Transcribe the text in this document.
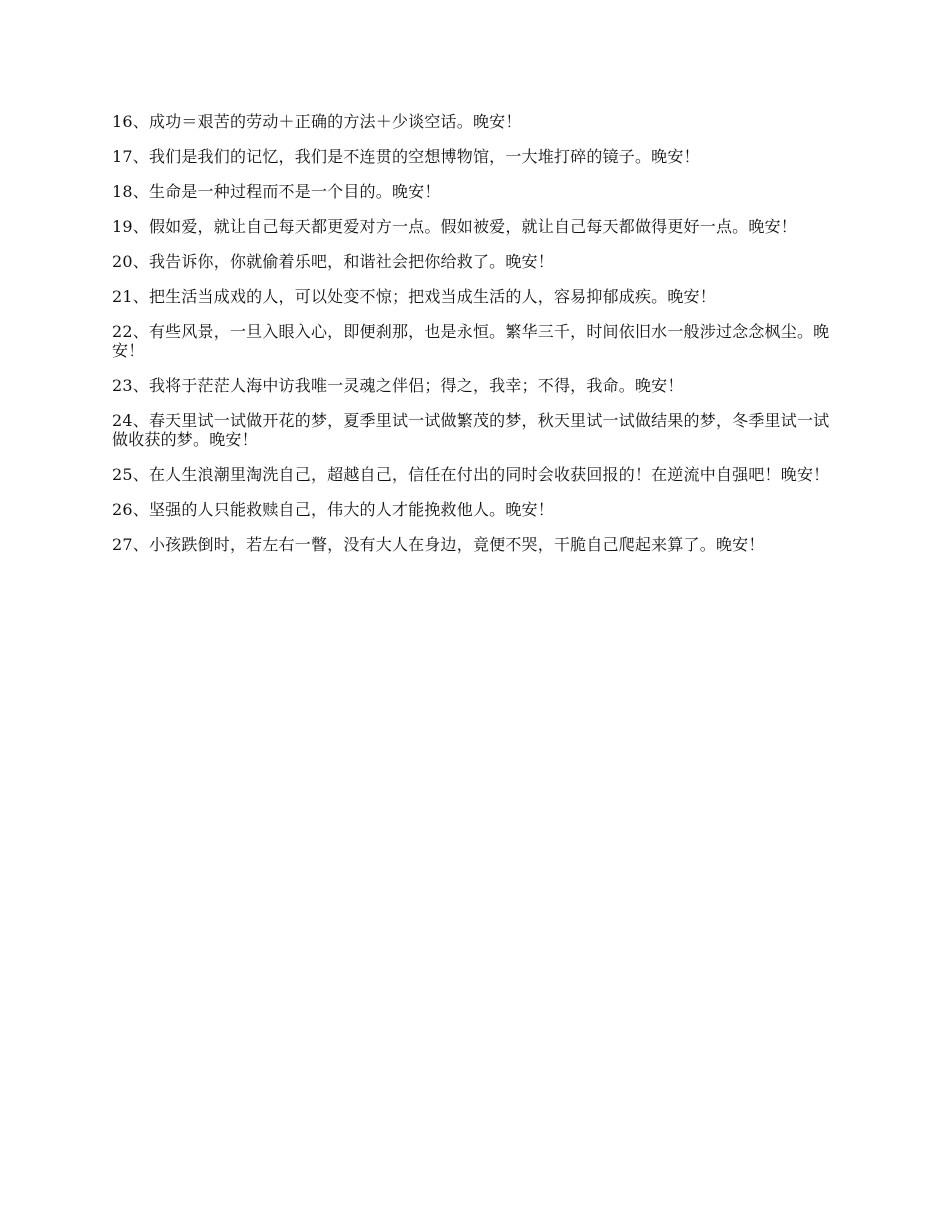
16、成功＝艰苦的劳动＋正确的方法＋少谈空话。晚安！

17、我们是我们的记忆，我们是不连贯的空想博物馆，一大堆打碎的镜子。晚安！

18、生命是一种过程而不是一个目的。晚安！

19、假如爱，就让自己每天都更爱对方一点。假如被爱，就让自己每天都做得更好一点。晚安！

20、我告诉你，你就偷着乐吧，和谐社会把你给救了。晚安！

21、把生活当成戏的人，可以处变不惊；把戏当成生活的人，容易抑郁成疾。晚安！

22、有些风景，一旦入眼入心，即便刹那，也是永恒。繁华三千，时间依旧水一般涉过念念枫尘。晚安！

23、我将于茫茫人海中访我唯一灵魂之伴侣；得之，我幸；不得，我命。晚安！

24、春天里试一试做开花的梦，夏季里试一试做繁茂的梦，秋天里试一试做结果的梦，冬季里试一试做收获的梦。晚安！

25、在人生浪潮里淘洗自己，超越自己，信任在付出的同时会收获回报的！在逆流中自强吧！晚安！

26、坚强的人只能救赎自己，伟大的人才能挽救他人。晚安！

27、小孩跌倒时，若左右一瞥，没有大人在身边，竟便不哭，干脆自己爬起来算了。晚安！
